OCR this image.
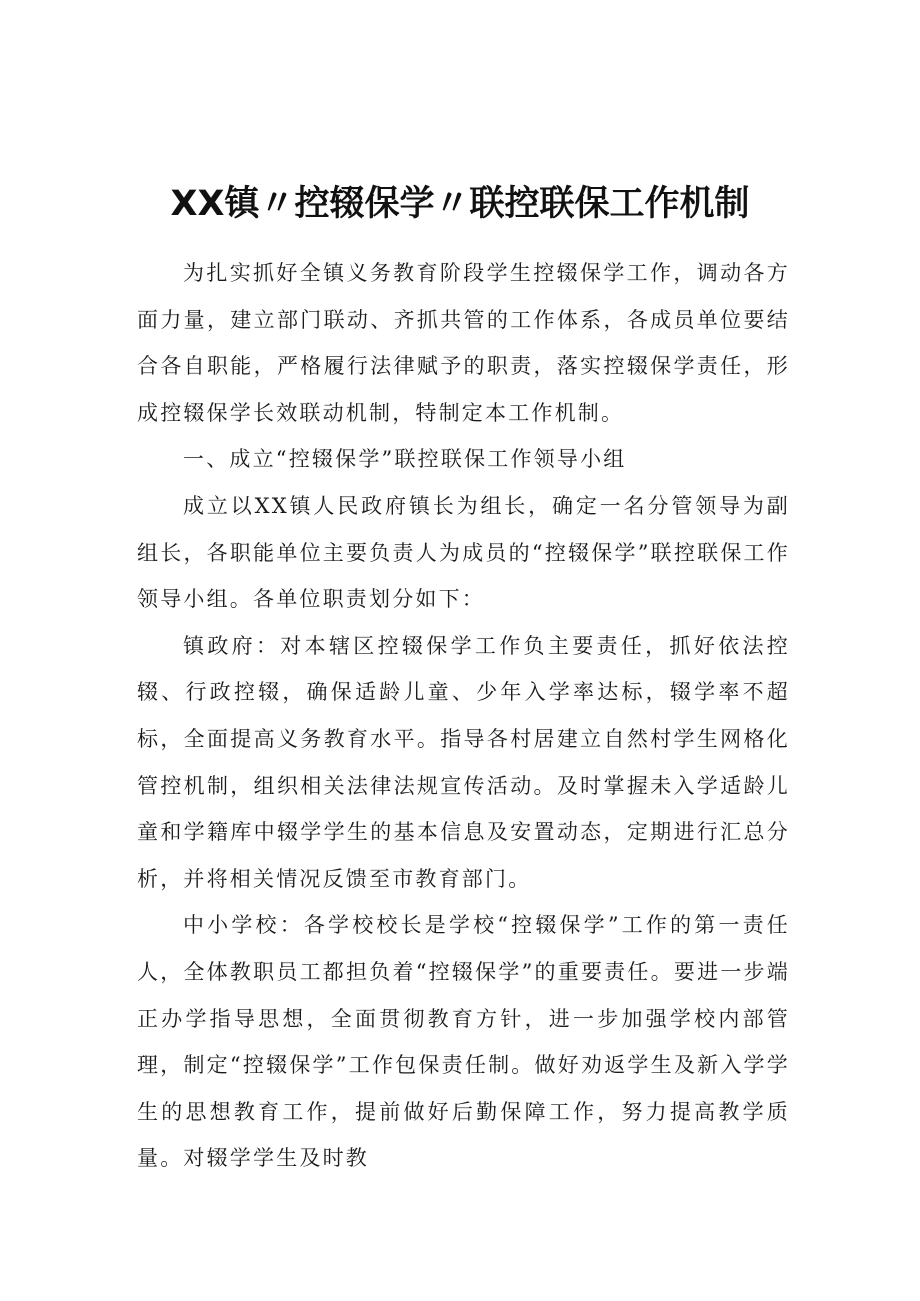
XX镇〃控辍保学〃联控联保工作机制

为扎实抓好全镇义务教育阶段学生控辍保学工作，调动各方面力量，建立部门联动、齐抓共管的工作体系，各成员单位要结合各自职能，严格履行法律赋予的职责，落实控辍保学责任，形成控辍保学长效联动机制，特制定本工作机制。

一、成立“控辍保学”联控联保工作领导小组

成立以XX镇人民政府镇长为组长，确定一名分管领导为副组长，各职能单位主要负责人为成员的“控辍保学”联控联保工作领导小组。各单位职责划分如下：

镇政府：对本辖区控辍保学工作负主要责任，抓好依法控辍、行政控辍，确保适龄儿童、少年入学率达标，辍学率不超标，全面提高义务教育水平。指导各村居建立自然村学生网格化管控机制，组织相关法律法规宣传活动。及时掌握未入学适龄儿童和学籍库中辍学学生的基本信息及安置动态，定期进行汇总分析，并将相关情况反馈至市教育部门。

中小学校：各学校校长是学校“控辍保学”工作的第一责任人，全体教职员工都担负着“控辍保学”的重要责任。要进一步端正办学指导思想，全面贯彻教育方针，进一步加强学校内部管理，制定“控辍保学”工作包保责任制。做好劝返学生及新入学学生的思想教育工作，提前做好后勤保障工作，努力提高教学质量。对辍学学生及时教
